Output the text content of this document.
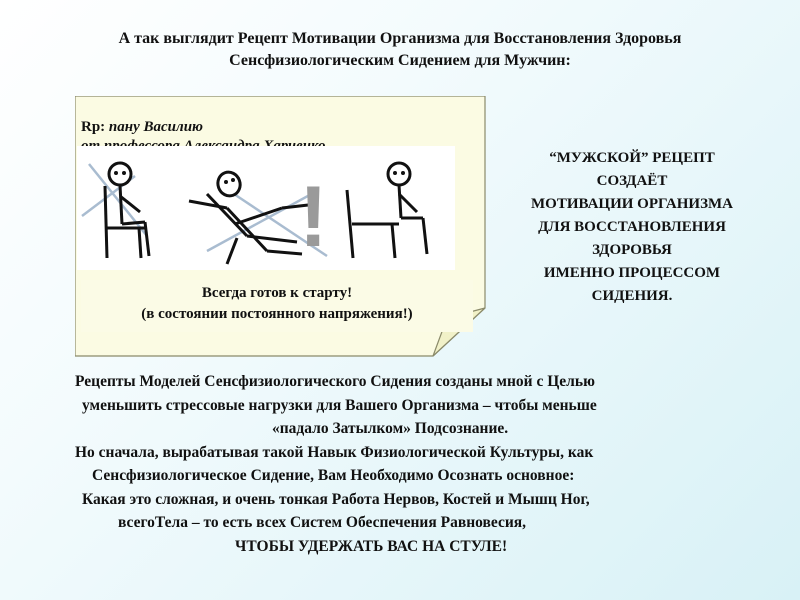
А так выглядит Рецепт Мотивации Организма для Восстановления Здоровья
Сенсфизиологическим Сидением для Мужчин:
Rp: пану Василию
!
Всегда готов к старту!
(в состоянии постоянного напряжения!)
“МУЖСКОЙ” РЕЦЕПТ
СОЗДАЁТ
МОТИВАЦИИ ОРГАНИЗМА
ДЛЯ ВОССТАНОВЛЕНИЯ
ЗДОРОВЬЯ
ИМЕННО ПРОЦЕССОМ
СИДЕНИЯ.
Рецепты Моделей Сенсфизиологического Сидения созданы мной с Целью
уменьшить стрессовые нагрузки для Вашего Организма – чтобы меньше
«падало Затылком» Подсознание.
Но сначала, вырабатывая такой Навык Физиологической Культуры, как
Сенсфизиологическое Сидение, Вам Необходимо Осознать основное:
Какая это сложная, и очень тонкая Работа Нервов, Костей и Мышц Ног,
всегоТела – то есть всех Систем Обеспечения Равновесия,
ЧТОБЫ УДЕРЖАТЬ ВАС НА СТУЛЕ!
